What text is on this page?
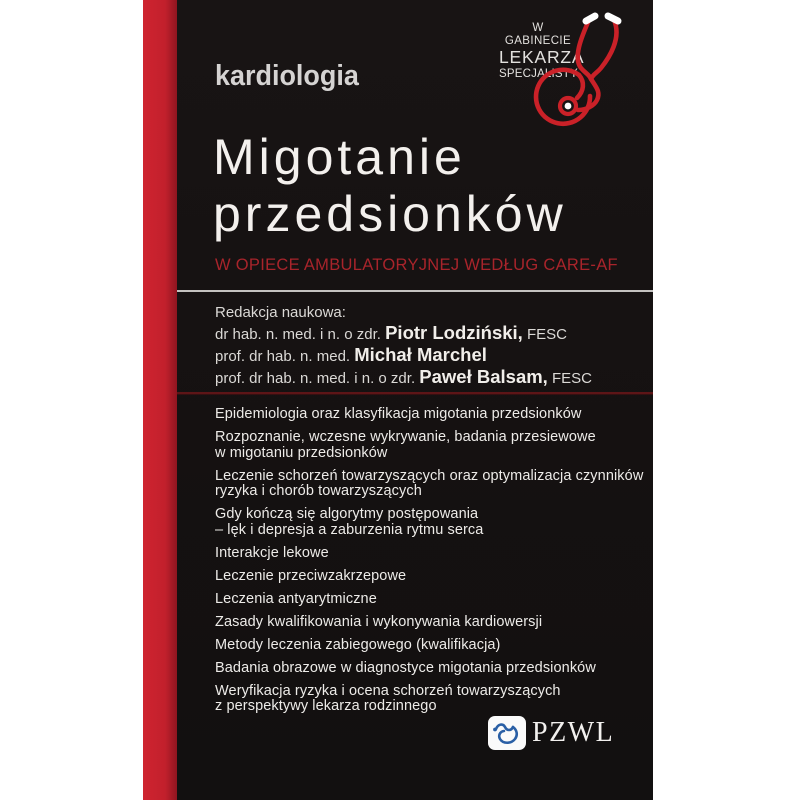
kardiologia
W GABINECIE
LEKARZA
SPECJALISTY
Migotanie
przedsionków
W OPIECE AMBULATORYJNEJ WEDŁUG CARE-AF
Redakcja naukowa:
dr hab. n. med. i n. o zdr. Piotr Lodziński, FESC
prof. dr hab. n. med. Michał Marchel
prof. dr hab. n. med. i n. o zdr. Paweł Balsam, FESC
Epidemiologia oraz klasyfikacja migotania przedsionków
Rozpoznanie, wczesne wykrywanie, badania przesiewowe
w migotaniu przedsionków
Leczenie schorzeń towarzyszących oraz optymalizacja czynników
ryzyka i chorób towarzyszących
Gdy kończą się algorytmy postępowania
– lęk i depresja a zaburzenia rytmu serca
Interakcje lekowe
Leczenie przeciwzakrzepowe
Leczenia antyarytmiczne
Zasady kwalifikowania i wykonywania kardiowersji
Metody leczenia zabiegowego (kwalifikacja)
Badania obrazowe w diagnostyce migotania przedsionków
Weryfikacja ryzyka i ocena schorzeń towarzyszących
z perspektywy lekarza rodzinnego
PZWL
